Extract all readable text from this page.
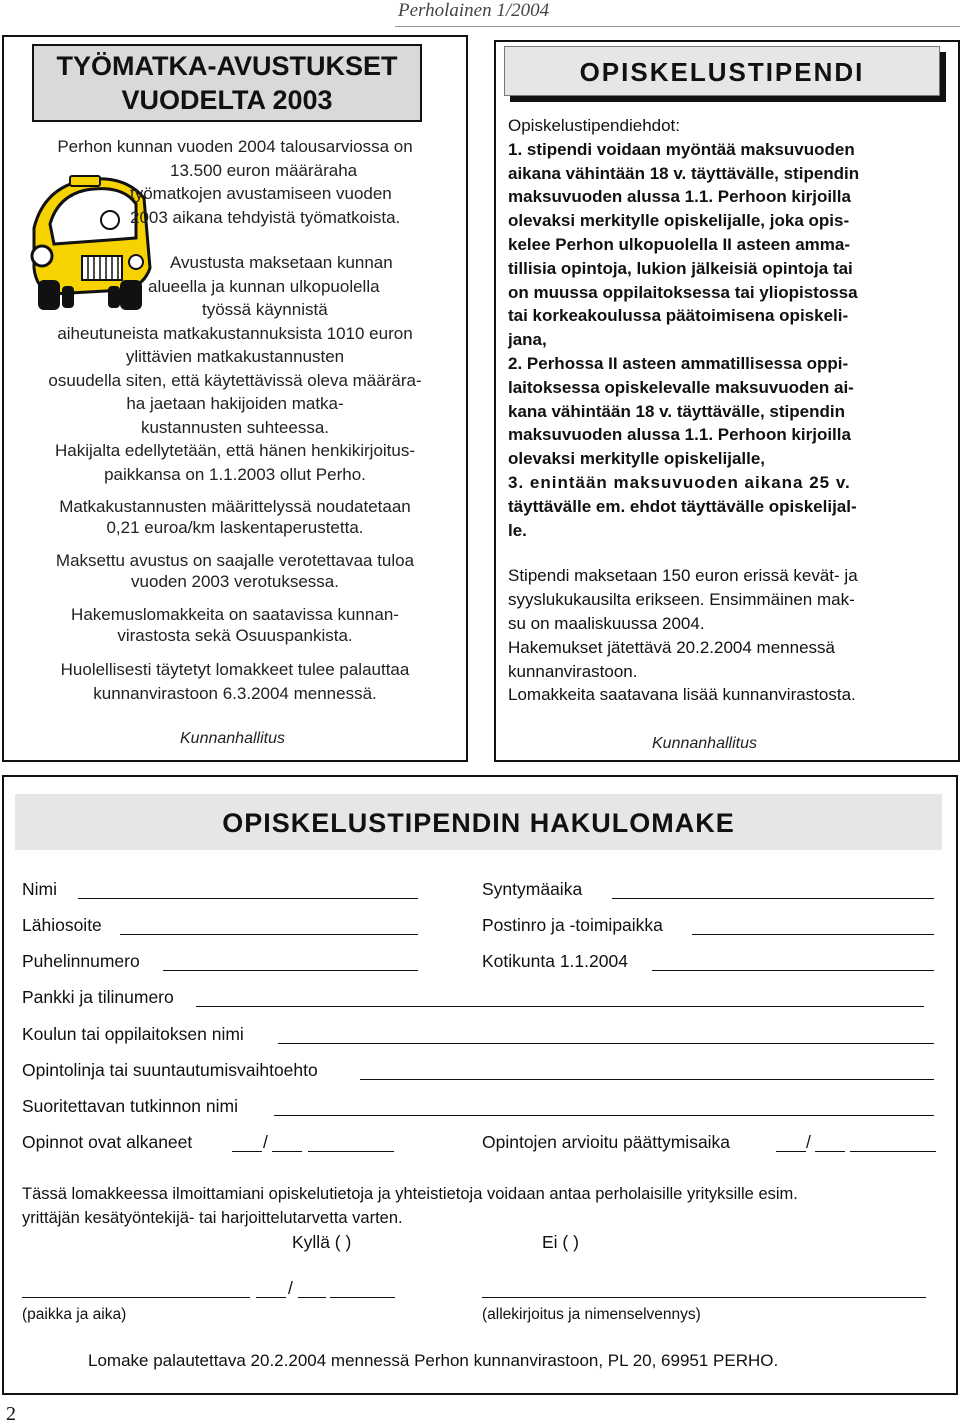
Perholainen 1/2004
TYÖMATKA-AVUSTUKSET
VUODELTA 2003
Perhon kunnan vuoden 2004 talousarviossa on
13.500 euron määräraha
työmatkojen avustamiseen vuoden
2003 aikana tehdyistä työmatkoista.
Avustusta maksetaan kunnan
alueella ja kunnan ulkopuolella
työssä käynnistä
aiheutuneista matkakustannuksista 1010 euron
ylittävien matkakustannusten
osuudella siten, että käytettävissä oleva määrära-
ha jaetaan hakijoiden matka-
kustannusten suhteessa.
Hakijalta edellytetään, että hänen henkikirjoitus-
paikkansa on 1.1.2003 ollut Perho.
Matkakustannusten määrittelyssä noudatetaan
0,21 euroa/km laskentaperustetta.
Maksettu avustus on saajalle verotettavaa tuloa
vuoden 2003 verotuksessa.
Hakemuslomakkeita on saatavissa kunnan-
virastosta sekä Osuuspankista.
Huolellisesti täytetyt lomakkeet tulee palauttaa
kunnanvirastoon 6.3.2004 mennessä.
Kunnanhallitus
OPISKELUSTIPENDI
Opiskelustipendiehdot:
1. stipendi voidaan myöntää maksuvuoden
aikana vähintään 18 v. täyttävälle, stipendin
maksuvuoden alussa 1.1. Perhoon kirjoilla
olevaksi merkitylle opiskelijalle, joka opis-
kelee Perhon ulkopuolella II asteen amma-
tillisia opintoja, lukion jälkeisiä opintoja tai
on muussa oppilaitoksessa tai yliopistossa
tai korkeakoulussa päätoimisena opiskeli-
jana,
2. Perhossa II asteen ammatillisessa oppi-
laitoksessa opiskelevalle maksuvuoden ai-
kana vähintään 18 v. täyttävälle, stipendin
maksuvuoden alussa 1.1. Perhoon kirjoilla
olevaksi merkitylle opiskelijalle,
3. enintään maksuvuoden aikana 25 v.
täyttävälle em. ehdot täyttävälle opiskelijal-
le.
Stipendi maksetaan 150 euron erissä kevät- ja
syyslukukausilta erikseen. Ensimmäinen mak-
su on maaliskuussa 2004.
Hakemukset jätettävä 20.2.2004 mennessä
kunnanvirastoon.
Lomakkeita saatavana lisää kunnanvirastosta.
Kunnanhallitus
OPISKELUSTIPENDIN HAKULOMAKE
Nimi	Syntymäaika
Lähiosoite	Postinro ja -toimipaikka
Puhelinnumero	Kotikunta 1.1.2004
Pankki ja tilinumero
Koulun tai oppilaitoksen nimi
Opintolinja tai suuntautumisvaihtoehto
Suoritettavan tutkinnon nimi
Opinnot ovat alkaneet	/	Opintojen arvioitu päättymisaika	/
Tässä lomakkeessa ilmoittamiani opiskelutietoja ja yhteistietoja voidaan antaa perholaisille yrityksille esim.
yrittäjän kesätyöntekijä- tai harjoittelutarvetta varten.
Kyllä ( )	Ei ( )
/
(paikka ja aika)	(allekirjoitus ja nimenselvennys)
Lomake palautettava 20.2.2004 mennessä Perhon kunnanvirastoon, PL 20, 69951 PERHO.
2
